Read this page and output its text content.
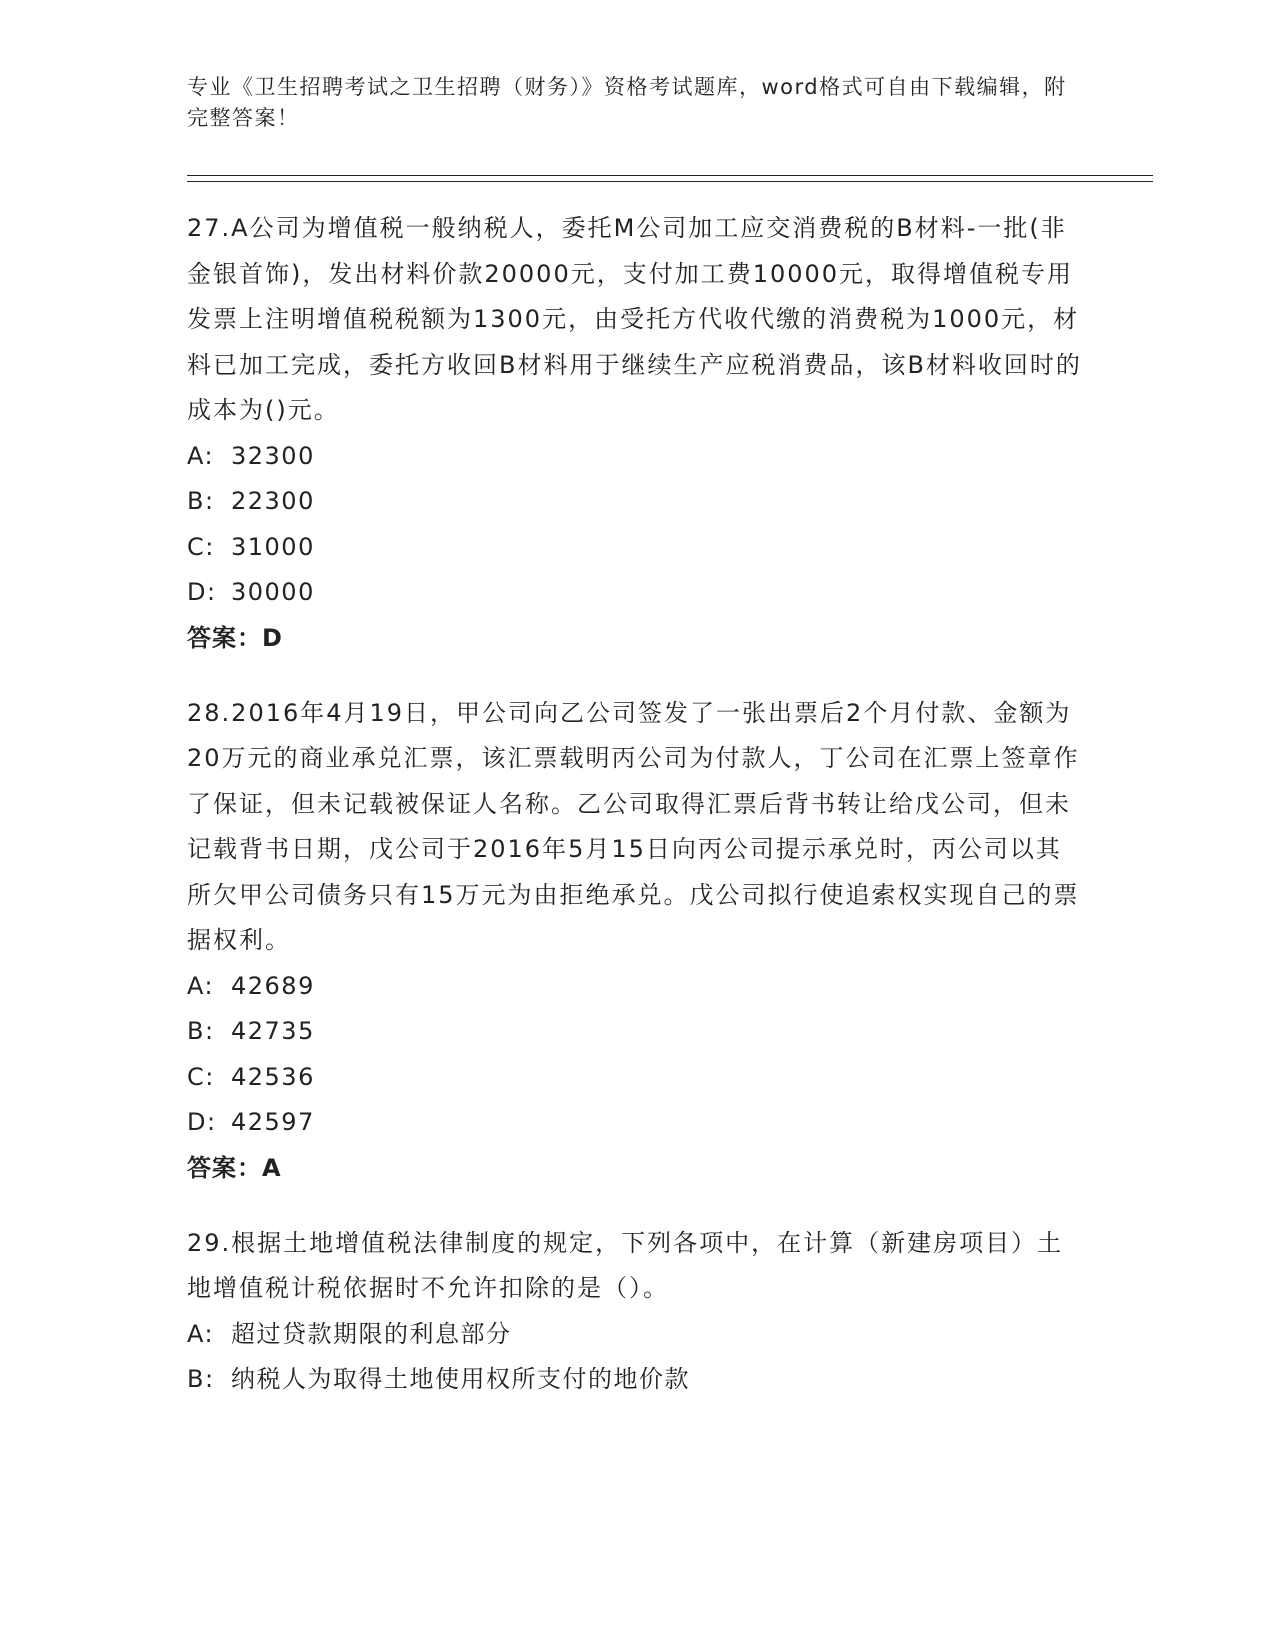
专业《卫生招聘考试之卫生招聘（财务）》资格考试题库，word格式可自由下载编辑，附完整答案！

27.A公司为增值税一般纳税人，委托M公司加工应交消费税的B材料-一批(非金银首饰)，发出材料价款20000元，支付加工费10000元，取得增值税专用发票上注明增值税税额为1300元，由受托方代收代缴的消费税为1000元，材料已加工完成，委托方收回B材料用于继续生产应税消费品，该B材料收回时的成本为()元。

A: 32300
B: 22300
C: 31000
D: 30000
答案：D

28.2016年4月19日，甲公司向乙公司签发了一张出票后2个月付款、金额为20万元的商业承兑汇票，该汇票载明丙公司为付款人，丁公司在汇票上签章作了保证，但未记载被保证人名称。乙公司取得汇票后背书转让给戊公司，但未记载背书日期，戊公司于2016年5月15日向丙公司提示承兑时，丙公司以其所欠甲公司债务只有15万元为由拒绝承兑。戊公司拟行使追索权实现自己的票据权利。

A: 42689
B: 42735
C: 42536
D: 42597
答案：A

29.根据土地增值税法律制度的规定，下列各项中，在计算（新建房项目）土地增值税计税依据时不允许扣除的是（）。

A: 超过贷款期限的利息部分
B: 纳税人为取得土地使用权所支付的地价款
